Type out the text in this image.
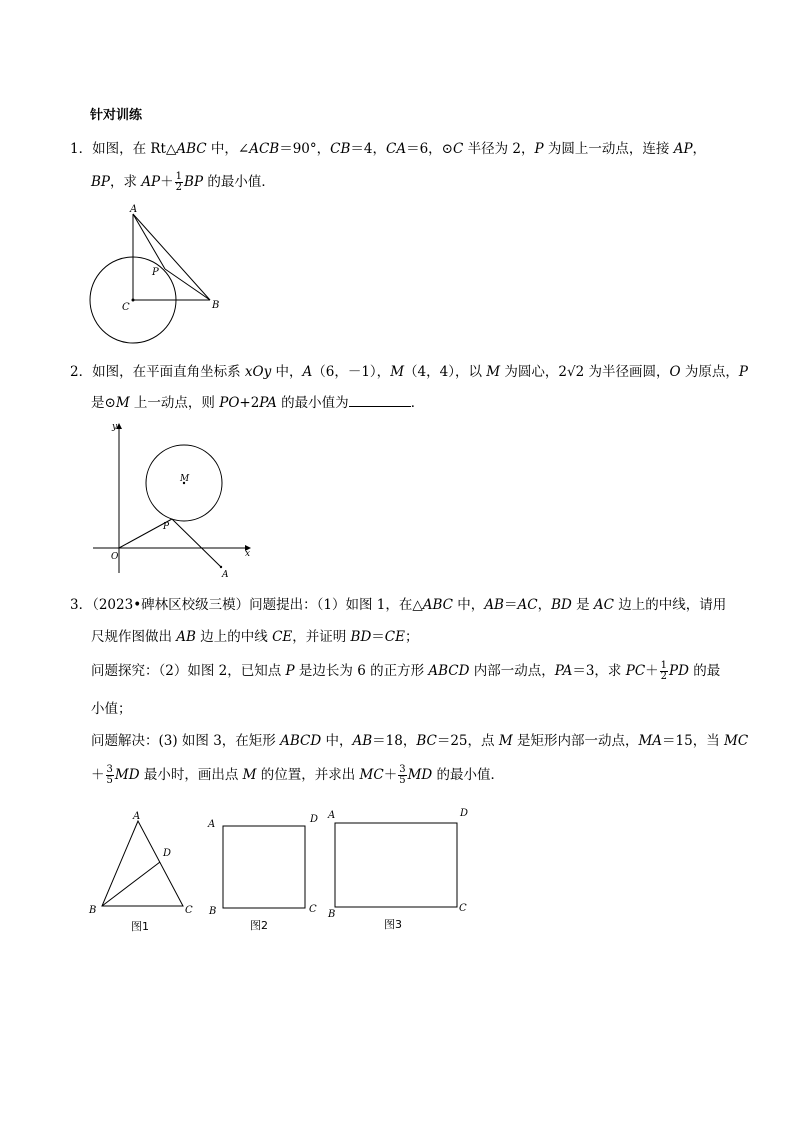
针对训练
1．如图，在 Rt△ABC 中，∠ACB＝90°，CB＝4，CA＝6，⊙C 半径为 2，P 为圆上一动点，连接 AP，
BP，求 $AP+ \frac{1}{2}$ BP 的最小值．
A
B
C
P
2．如图，在平面直角坐标系 xOy 中，A（6，－1），M（4，4），以 M 为圆心，2√2 为半径画圆，O 为原点，P
是⊙M 上一动点，则 PO+2PA 的最小值为	．
y
x
O
M
P
A
3．（2023•碑林区校级三模）问题提出：（1）如图 1，在△ABC 中，AB＝AC，BD 是 AC 边上的中线，请用
尺规作图做出 AB 边上的中线 CE，并证明 BD＝CE；
问题探究：（2）如图 2，已知点 P 是边长为 6 的正方形 ABCD 内部一动点，PA＝3，求 $PC+ \frac{1}{2}$ PD 的最
小值；
问题解决：(3) 如图 3，在矩形 ABCD 中，AB＝18，BC＝25，点 M 是矩形内部一动点，MA＝15，当 MC
＋ $\frac{3}{5}$ MD 最小时，画出点 M 的位置，并求出 $MC+ \frac{3}{5}$ MD 的最小值．
A
B	C
D
图1
A	D
B	C
图2
A	D
B
C
图3
